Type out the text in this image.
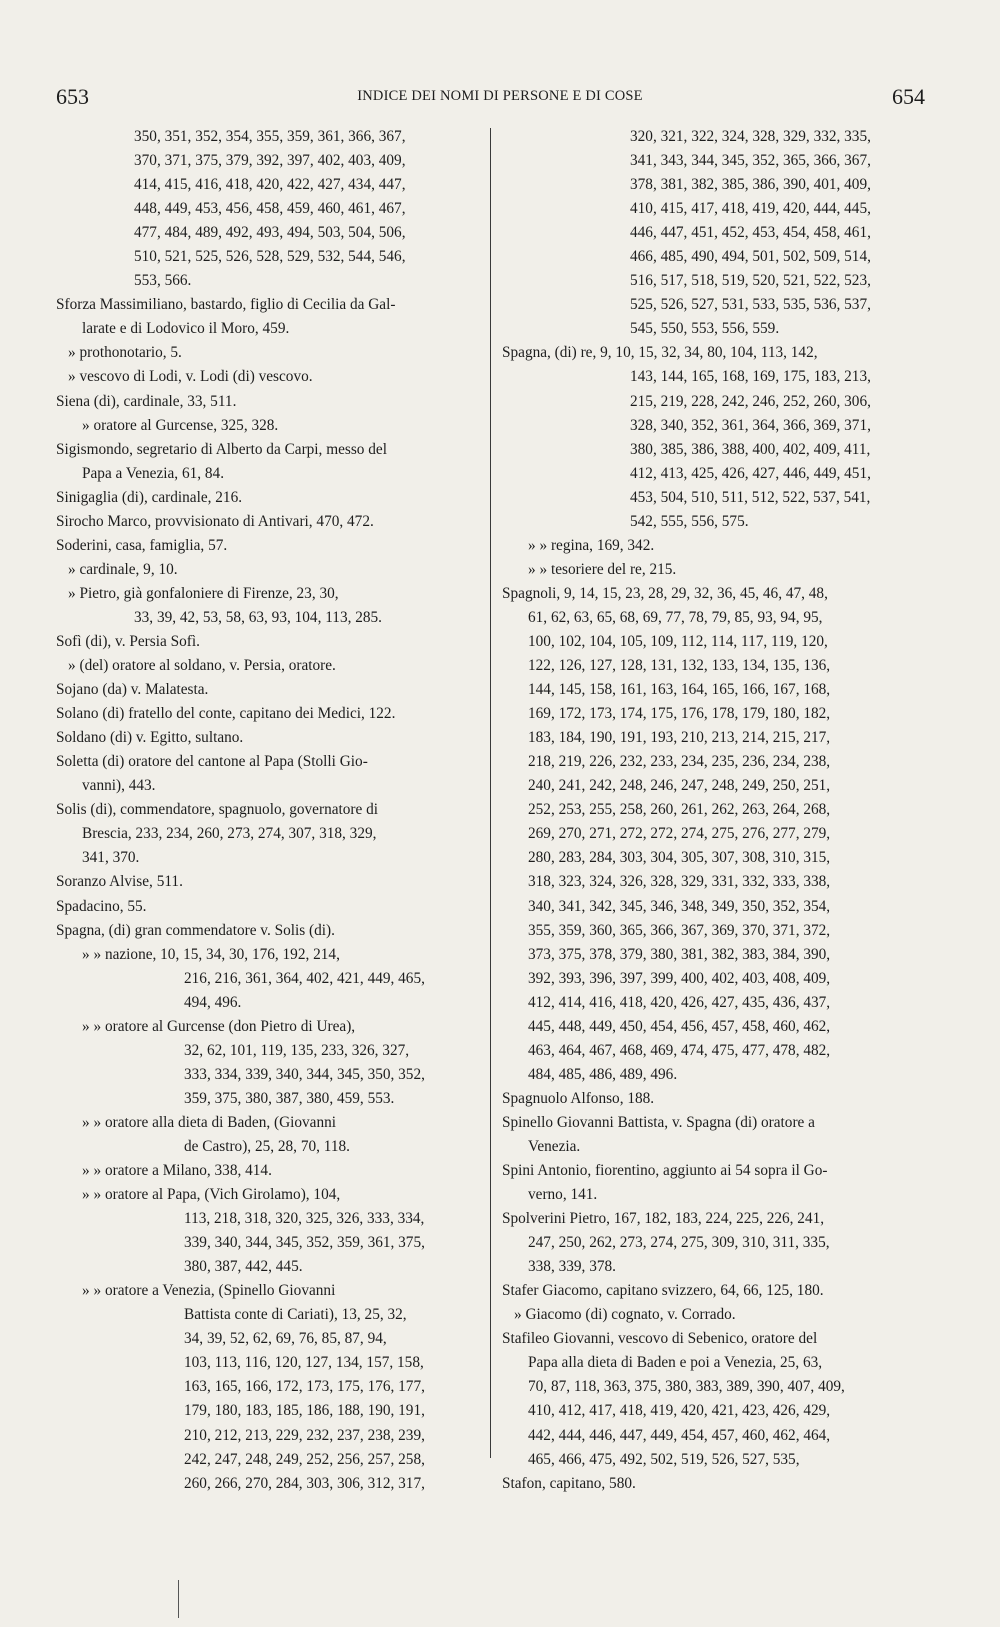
653	INDICE DEI NOMI DI PERSONE E DI COSE	654
350, 351, 352, 354, 355, 359, 361, 366, 367,
370, 371, 375, 379, 392, 397, 402, 403, 409,
414, 415, 416, 418, 420, 422, 427, 434, 447,
448, 449, 453, 456, 458, 459, 460, 461, 467,
477, 484, 489, 492, 493, 494, 503, 504, 506,
510, 521, 525, 526, 528, 529, 532, 544, 546,
553, 566.
Sforza Massimiliano, bastardo, figlio di Cecilia da Gal-
larate e di Lodovico il Moro, 459.
» prothonotario, 5.
» vescovo di Lodi, v. Lodi (di) vescovo.
Siena (di), cardinale, 33, 511.
» oratore al Gurcense, 325, 328.
Sigismondo, segretario di Alberto da Carpi, messo del
Papa a Venezia, 61, 84.
Sinigaglia (di), cardinale, 216.
Sirocho Marco, provvisionato di Antivari, 470, 472.
Soderini, casa, famiglia, 57.
» cardinale, 9, 10.
» Pietro, già gonfaloniere di Firenze, 23, 30,
33, 39, 42, 53, 58, 63, 93, 104, 113, 285.
Sofì (di), v. Persia Sofì.
» (del) oratore al soldano, v. Persia, oratore.
Sojano (da) v. Malatesta.
Solano (di) fratello del conte, capitano dei Medici, 122.
Soldano (di) v. Egitto, sultano.
Soletta (di) oratore del cantone al Papa (Stolli Gio-
vanni), 443.
Solis (di), commendatore, spagnuolo, governatore di
Brescia, 233, 234, 260, 273, 274, 307, 318, 329,
341, 370.
Soranzo Alvise, 511.
Spadacino, 55.
Spagna, (di) gran commendatore v. Solis (di).
» » nazione, 10, 15, 34, 30, 176, 192, 214,
216, 216, 361, 364, 402, 421, 449, 465,
494, 496.
» » oratore al Gurcense (don Pietro di Urea),
32, 62, 101, 119, 135, 233, 326, 327,
333, 334, 339, 340, 344, 345, 350, 352,
359, 375, 380, 387, 380, 459, 553.
» » oratore alla dieta di Baden, (Giovanni
de Castro), 25, 28, 70, 118.
» » oratore a Milano, 338, 414.
» » oratore al Papa, (Vich Girolamo), 104,
113, 218, 318, 320, 325, 326, 333, 334,
339, 340, 344, 345, 352, 359, 361, 375,
380, 387, 442, 445.
» » oratore a Venezia, (Spinello Giovanni
Battista conte di Cariati), 13, 25, 32,
34, 39, 52, 62, 69, 76, 85, 87, 94,
103, 113, 116, 120, 127, 134, 157, 158,
163, 165, 166, 172, 173, 175, 176, 177,
179, 180, 183, 185, 186, 188, 190, 191,
210, 212, 213, 229, 232, 237, 238, 239,
242, 247, 248, 249, 252, 256, 257, 258,
260, 266, 270, 284, 303, 306, 312, 317,
320, 321, 322, 324, 328, 329, 332, 335,
341, 343, 344, 345, 352, 365, 366, 367,
378, 381, 382, 385, 386, 390, 401, 409,
410, 415, 417, 418, 419, 420, 444, 445,
446, 447, 451, 452, 453, 454, 458, 461,
466, 485, 490, 494, 501, 502, 509, 514,
516, 517, 518, 519, 520, 521, 522, 523,
525, 526, 527, 531, 533, 535, 536, 537,
545, 550, 553, 556, 559.
Spagna, (di) re, 9, 10, 15, 32, 34, 80, 104, 113, 142,
143, 144, 165, 168, 169, 175, 183, 213,
215, 219, 228, 242, 246, 252, 260, 306,
328, 340, 352, 361, 364, 366, 369, 371,
380, 385, 386, 388, 400, 402, 409, 411,
412, 413, 425, 426, 427, 446, 449, 451,
453, 504, 510, 511, 512, 522, 537, 541,
542, 555, 556, 575.
» » regina, 169, 342.
» » tesoriere del re, 215.
Spagnoli, 9, 14, 15, 23, 28, 29, 32, 36, 45, 46, 47, 48,
61, 62, 63, 65, 68, 69, 77, 78, 79, 85, 93, 94, 95,
100, 102, 104, 105, 109, 112, 114, 117, 119, 120,
122, 126, 127, 128, 131, 132, 133, 134, 135, 136,
144, 145, 158, 161, 163, 164, 165, 166, 167, 168,
169, 172, 173, 174, 175, 176, 178, 179, 180, 182,
183, 184, 190, 191, 193, 210, 213, 214, 215, 217,
218, 219, 226, 232, 233, 234, 235, 236, 234, 238,
240, 241, 242, 248, 246, 247, 248, 249, 250, 251,
252, 253, 255, 258, 260, 261, 262, 263, 264, 268,
269, 270, 271, 272, 272, 274, 275, 276, 277, 279,
280, 283, 284, 303, 304, 305, 307, 308, 310, 315,
318, 323, 324, 326, 328, 329, 331, 332, 333, 338,
340, 341, 342, 345, 346, 348, 349, 350, 352, 354,
355, 359, 360, 365, 366, 367, 369, 370, 371, 372,
373, 375, 378, 379, 380, 381, 382, 383, 384, 390,
392, 393, 396, 397, 399, 400, 402, 403, 408, 409,
412, 414, 416, 418, 420, 426, 427, 435, 436, 437,
445, 448, 449, 450, 454, 456, 457, 458, 460, 462,
463, 464, 467, 468, 469, 474, 475, 477, 478, 482,
484, 485, 486, 489, 496.
Spagnuolo Alfonso, 188.
Spinello Giovanni Battista, v. Spagna (di) oratore a
Venezia.
Spini Antonio, fiorentino, aggiunto ai 54 sopra il Go-
verno, 141.
Spolverini Pietro, 167, 182, 183, 224, 225, 226, 241,
247, 250, 262, 273, 274, 275, 309, 310, 311, 335,
338, 339, 378.
Stafer Giacomo, capitano svizzero, 64, 66, 125, 180.
» Giacomo (di) cognato, v. Corrado.
Stafileo Giovanni, vescovo di Sebenico, oratore del
Papa alla dieta di Baden e poi a Venezia, 25, 63,
70, 87, 118, 363, 375, 380, 383, 389, 390, 407, 409,
410, 412, 417, 418, 419, 420, 421, 423, 426, 429,
442, 444, 446, 447, 449, 454, 457, 460, 462, 464,
465, 466, 475, 492, 502, 519, 526, 527, 535,
Stafon, capitano, 580.
